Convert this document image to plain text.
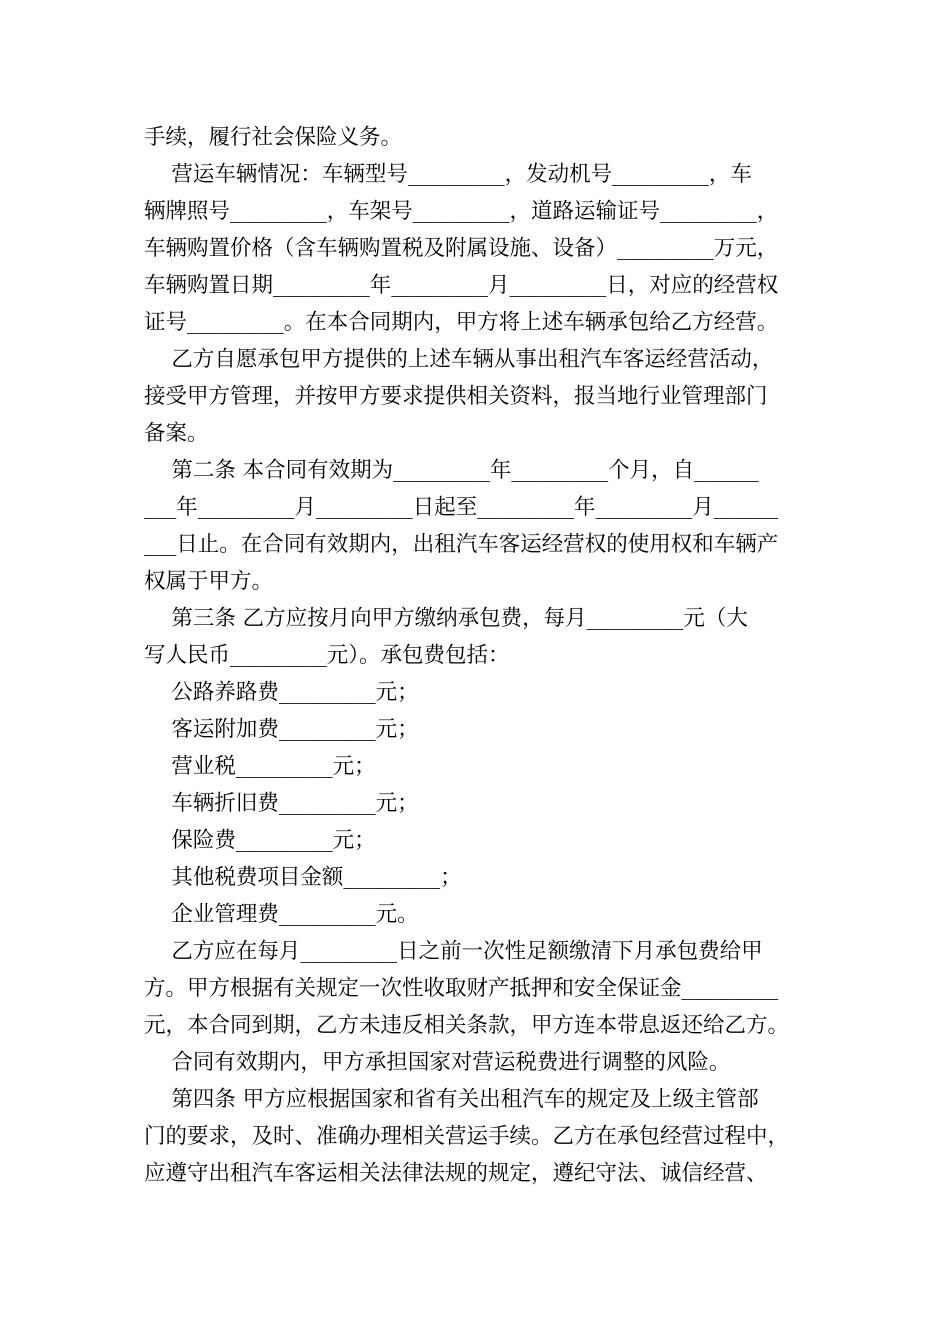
手续，履行社会保险义务。
营运车辆情况：车辆型号_________，发动机号_________，车
辆牌照号_________，车架号_________，道路运输证号_________，
车辆购置价格（含车辆购置税及附属设施、设备）_________万元，
车辆购置日期_________年_________月_________日，对应的经营权
证号_________。在本合同期内，甲方将上述车辆承包给乙方经营。
乙方自愿承包甲方提供的上述车辆从事出租汽车客运经营活动，
接受甲方管理，并按甲方要求提供相关资料，报当地行业管理部门
备案。
第二条 本合同有效期为_________年_________个月，自______
___年_________月_________日起至_________年_________月______
___日止。在合同有效期内，出租汽车客运经营权的使用权和车辆产
权属于甲方。
第三条 乙方应按月向甲方缴纳承包费，每月_________元（大
写人民币_________元）。承包费包括：
公路养路费_________元；
客运附加费_________元；
营业税_________元；
车辆折旧费_________元；
保险费_________元；
其他税费项目金额_________；
企业管理费_________元。
乙方应在每月_________日之前一次性足额缴清下月承包费给甲
方。甲方根据有关规定一次性收取财产抵押和安全保证金_________
元，本合同到期，乙方未违反相关条款，甲方连本带息返还给乙方。
合同有效期内，甲方承担国家对营运税费进行调整的风险。
第四条 甲方应根据国家和省有关出租汽车的规定及上级主管部
门的要求，及时、准确办理相关营运手续。乙方在承包经营过程中，
应遵守出租汽车客运相关法律法规的规定，遵纪守法、诚信经营、
